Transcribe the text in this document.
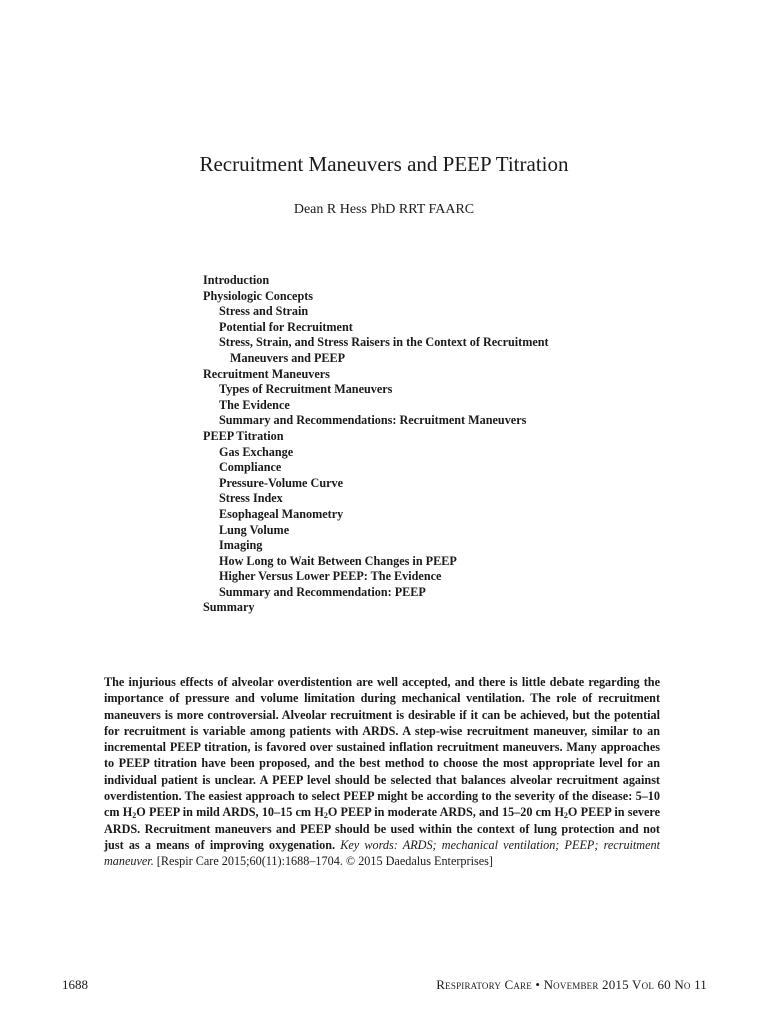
Recruitment Maneuvers and PEEP Titration
Dean R Hess PhD RRT FAARC
Introduction
Physiologic Concepts
Stress and Strain
Potential for Recruitment
Stress, Strain, and Stress Raisers in the Context of Recruitment
Maneuvers and PEEP
Recruitment Maneuvers
Types of Recruitment Maneuvers
The Evidence
Summary and Recommendations: Recruitment Maneuvers
PEEP Titration
Gas Exchange
Compliance
Pressure-Volume Curve
Stress Index
Esophageal Manometry
Lung Volume
Imaging
How Long to Wait Between Changes in PEEP
Higher Versus Lower PEEP: The Evidence
Summary and Recommendation: PEEP
Summary

The injurious effects of alveolar overdistention are well accepted, and there is little debate regarding the importance of pressure and volume limitation during mechanical ventilation. The role of recruitment maneuvers is more controversial. Alveolar recruitment is desirable if it can be achieved, but the potential for recruitment is variable among patients with ARDS. A step-wise recruitment maneuver, similar to an incremental PEEP titration, is favored over sustained inflation recruitment maneuvers. Many approaches to PEEP titration have been proposed, and the best method to choose the most appropriate level for an individual patient is unclear. A PEEP level should be selected that balances alveolar recruitment against overdistention. The easiest approach to select PEEP might be according to the severity of the disease: 5–10 cm $H_2O$ PEEP in mild ARDS, 10–15 cm $H_2O$ PEEP in moderate ARDS, and 15–20 cm $H_2O$ PEEP in severe ARDS. Recruitment maneuvers and PEEP should be used within the context of lung protection and not just as a means of improving oxygenation. Key words: ARDS; mechanical ventilation; PEEP; recruitment maneuver. [Respir Care 2015;60(11):1688–1704. © 2015 Daedalus Enterprises]

1688	Respiratory Care • November 2015 Vol 60 No 11
